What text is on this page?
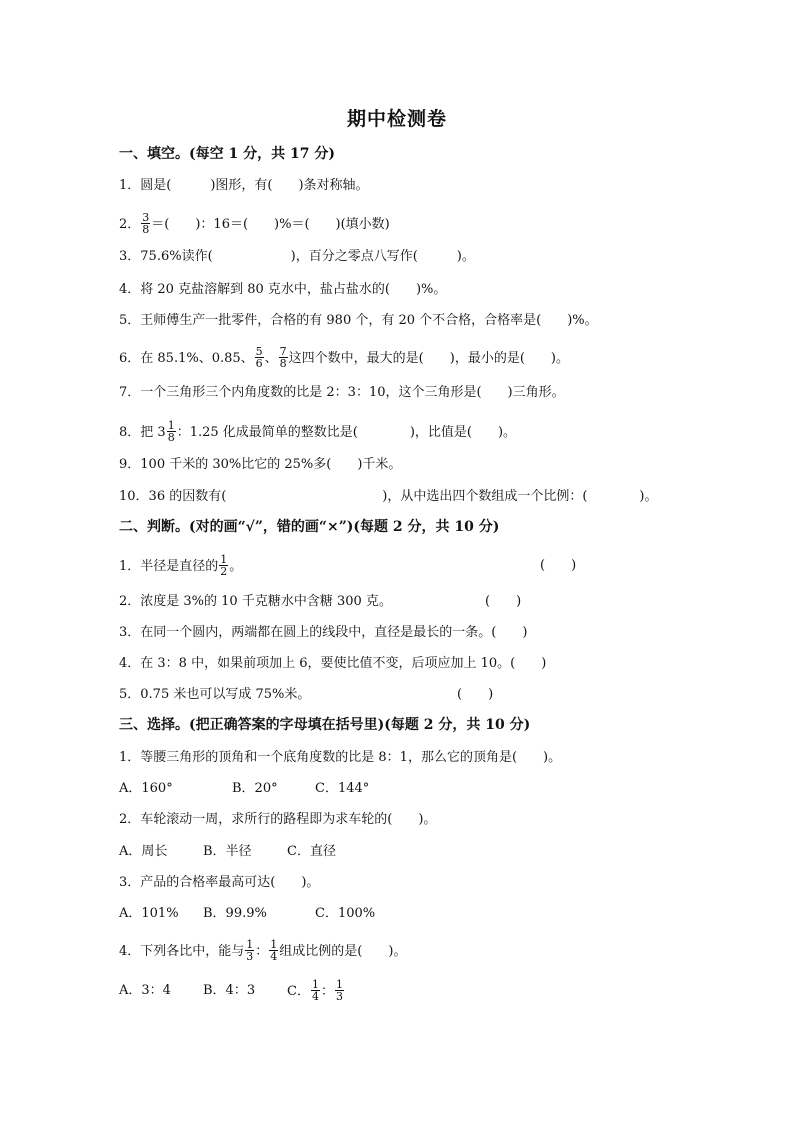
期中检测卷
一、填空。(每空 1 分，共 17 分)
1．圆是(　　　)图形，有(　　)条对称轴。
2． $\frac{3}{8}$ ＝(　　)：16＝(　　)%＝(　　)(填小数)
3．75.6%读作(　　　　　　)，百分之零点八写作(　　　)。
4．将 20 克盐溶解到 80 克水中，盐占盐水的(　　)%。
5．王师傅生产一批零件，合格的有 980 个，有 20 个不合格，合格率是(　　)%。
6．在 85.1%、0.85、 $\frac{5}{6}$ 、 $\frac{7}{8}$ 这四个数中，最大的是(　　)，最小的是(　　)。
7．一个三角形三个内角度数的比是 2：3：10，这个三角形是(　　)三角形。
8．把 $3 \frac{1}{8}$ ：1.25 化成最简单的整数比是(　　　　)，比值是(　　)。
9．100 千米的 30%比它的 25%多(　　)千米。
10．36 的因数有(　　　　　　　　　　　　)，从中选出四个数组成一个比例：(　　　　)。
二、判断。(对的画“√”，错的画“×”)(每题 2 分，共 10 分)
1．半径是直径的 $\frac{1}{2}$ 。	(　　)
2．浓度是 3%的 10 千克糖水中含糖 300 克。	(　　)
3．在同一个圆内，两端都在圆上的线段中，直径是最长的一条。(　　)
4．在 3：8 中，如果前项加上 6，要使比值不变，后项应加上 10。(　　)
5．0.75 米也可以写成 75%米。	(　　)
三、选择。(把正确答案的字母填在括号里)(每题 2 分，共 10 分)
1．等腰三角形的顶角和一个底角度数的比是 8：1，那么它的顶角是(　　)。
A．160°	B．20°	C．144°
2．车轮滚动一周，求所行的路程即为求车轮的(　　)。
A．周长	B．半径	C．直径
3．产品的合格率最高可达(　　)。
A．101% B．99.9%	C．100%
4．下列各比中，能与 $\frac{1}{3}$ ： $\frac{1}{4}$ 组成比例的是(　　)。
A．3：4 B．4：3 C． $\frac{1}{4}$ ： $\frac{1}{3}$
